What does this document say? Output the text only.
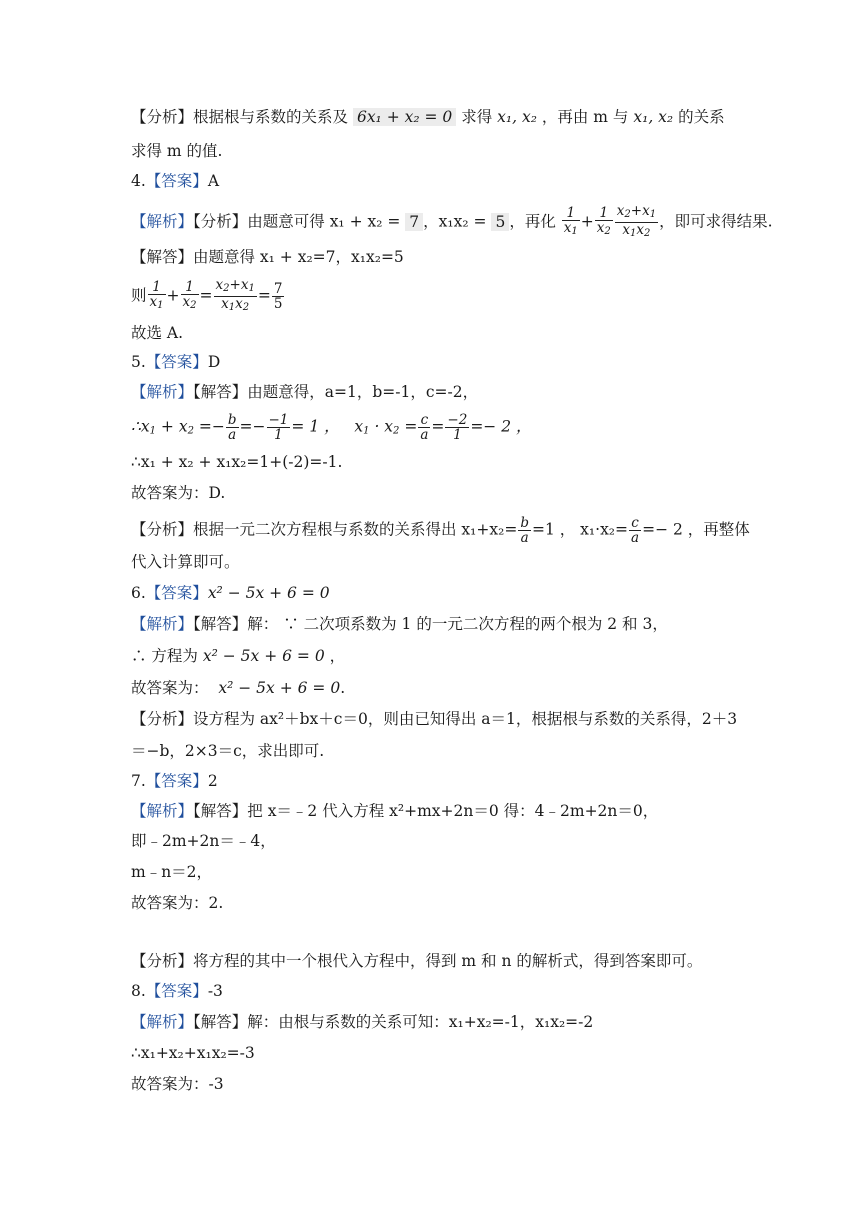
【分析】根据根与系数的关系及 6x₁ + x₂ = 0 求得 x₁, x₂ ，再由 m 与 x₁, x₂ 的关系
求得 m 的值.
4.【答案】A
【解析】【分析】由题意可得 x₁ + x₂ = 7 ，x₁x₂ = 5 ，再化 $\frac{1}{x_1} + \frac{1}{x_2} \frac{x_2+x_1}{x_1x_2}$ ，即可求得结果.
【解答】由题意得 x₁ + x₂=7，x₁x₂=5
则 $\frac{1}{x_1} + \frac{1}{x_2} = \frac{x_2+x_1}{x_1x_2} = \frac{7}{5}$
故选 A.
5.【答案】D
【解析】【解答】由题意得，a=1，b=-1，c=-2，
$\therefore x_1 + x_2 =- \frac{b}{a} =- \frac{-1}{1} = 1$ ，   $x_1 \cdot x_2 = \frac{c}{a} = \frac{-2}{1} =- 2$ ，
∴x₁ + x₂ + x₁x₂=1+(-2)=-1.
故答案为：D.
【分析】根据一元二次方程根与系数的关系得出 $x_1+x_2= \frac{b}{a} =1$ ， $x_1\cdot x_2= \frac{c}{a} =- 2$ ，再整体
代入计算即可。
6.【答案】x² − 5x + 6 = 0
【解析】【解答】解： ∵ 二次项系数为 1 的一元二次方程的两个根为 2 和 3，
∴ 方程为 x² − 5x + 6 = 0 ，
故答案为： x² − 5x + 6 = 0.
【分析】设方程为 ax²＋bx＋c＝0，则由已知得出 a＝1，根据根与系数的关系得，2＋3
＝−b，2×3＝c，求出即可.
7.【答案】2
【解析】【解答】把 x＝﹣2 代入方程 x²+mx+2n＝0 得：4﹣2m+2n＝0，
即﹣2m+2n＝﹣4，
m﹣n＝2，
故答案为：2.
【分析】将方程的其中一个根代入方程中，得到 m 和 n 的解析式，得到答案即可。
8.【答案】-3
【解析】【解答】解：由根与系数的关系可知：x₁+x₂=-1，x₁x₂=-2
∴x₁+x₂+x₁x₂=-3
故答案为：-3
